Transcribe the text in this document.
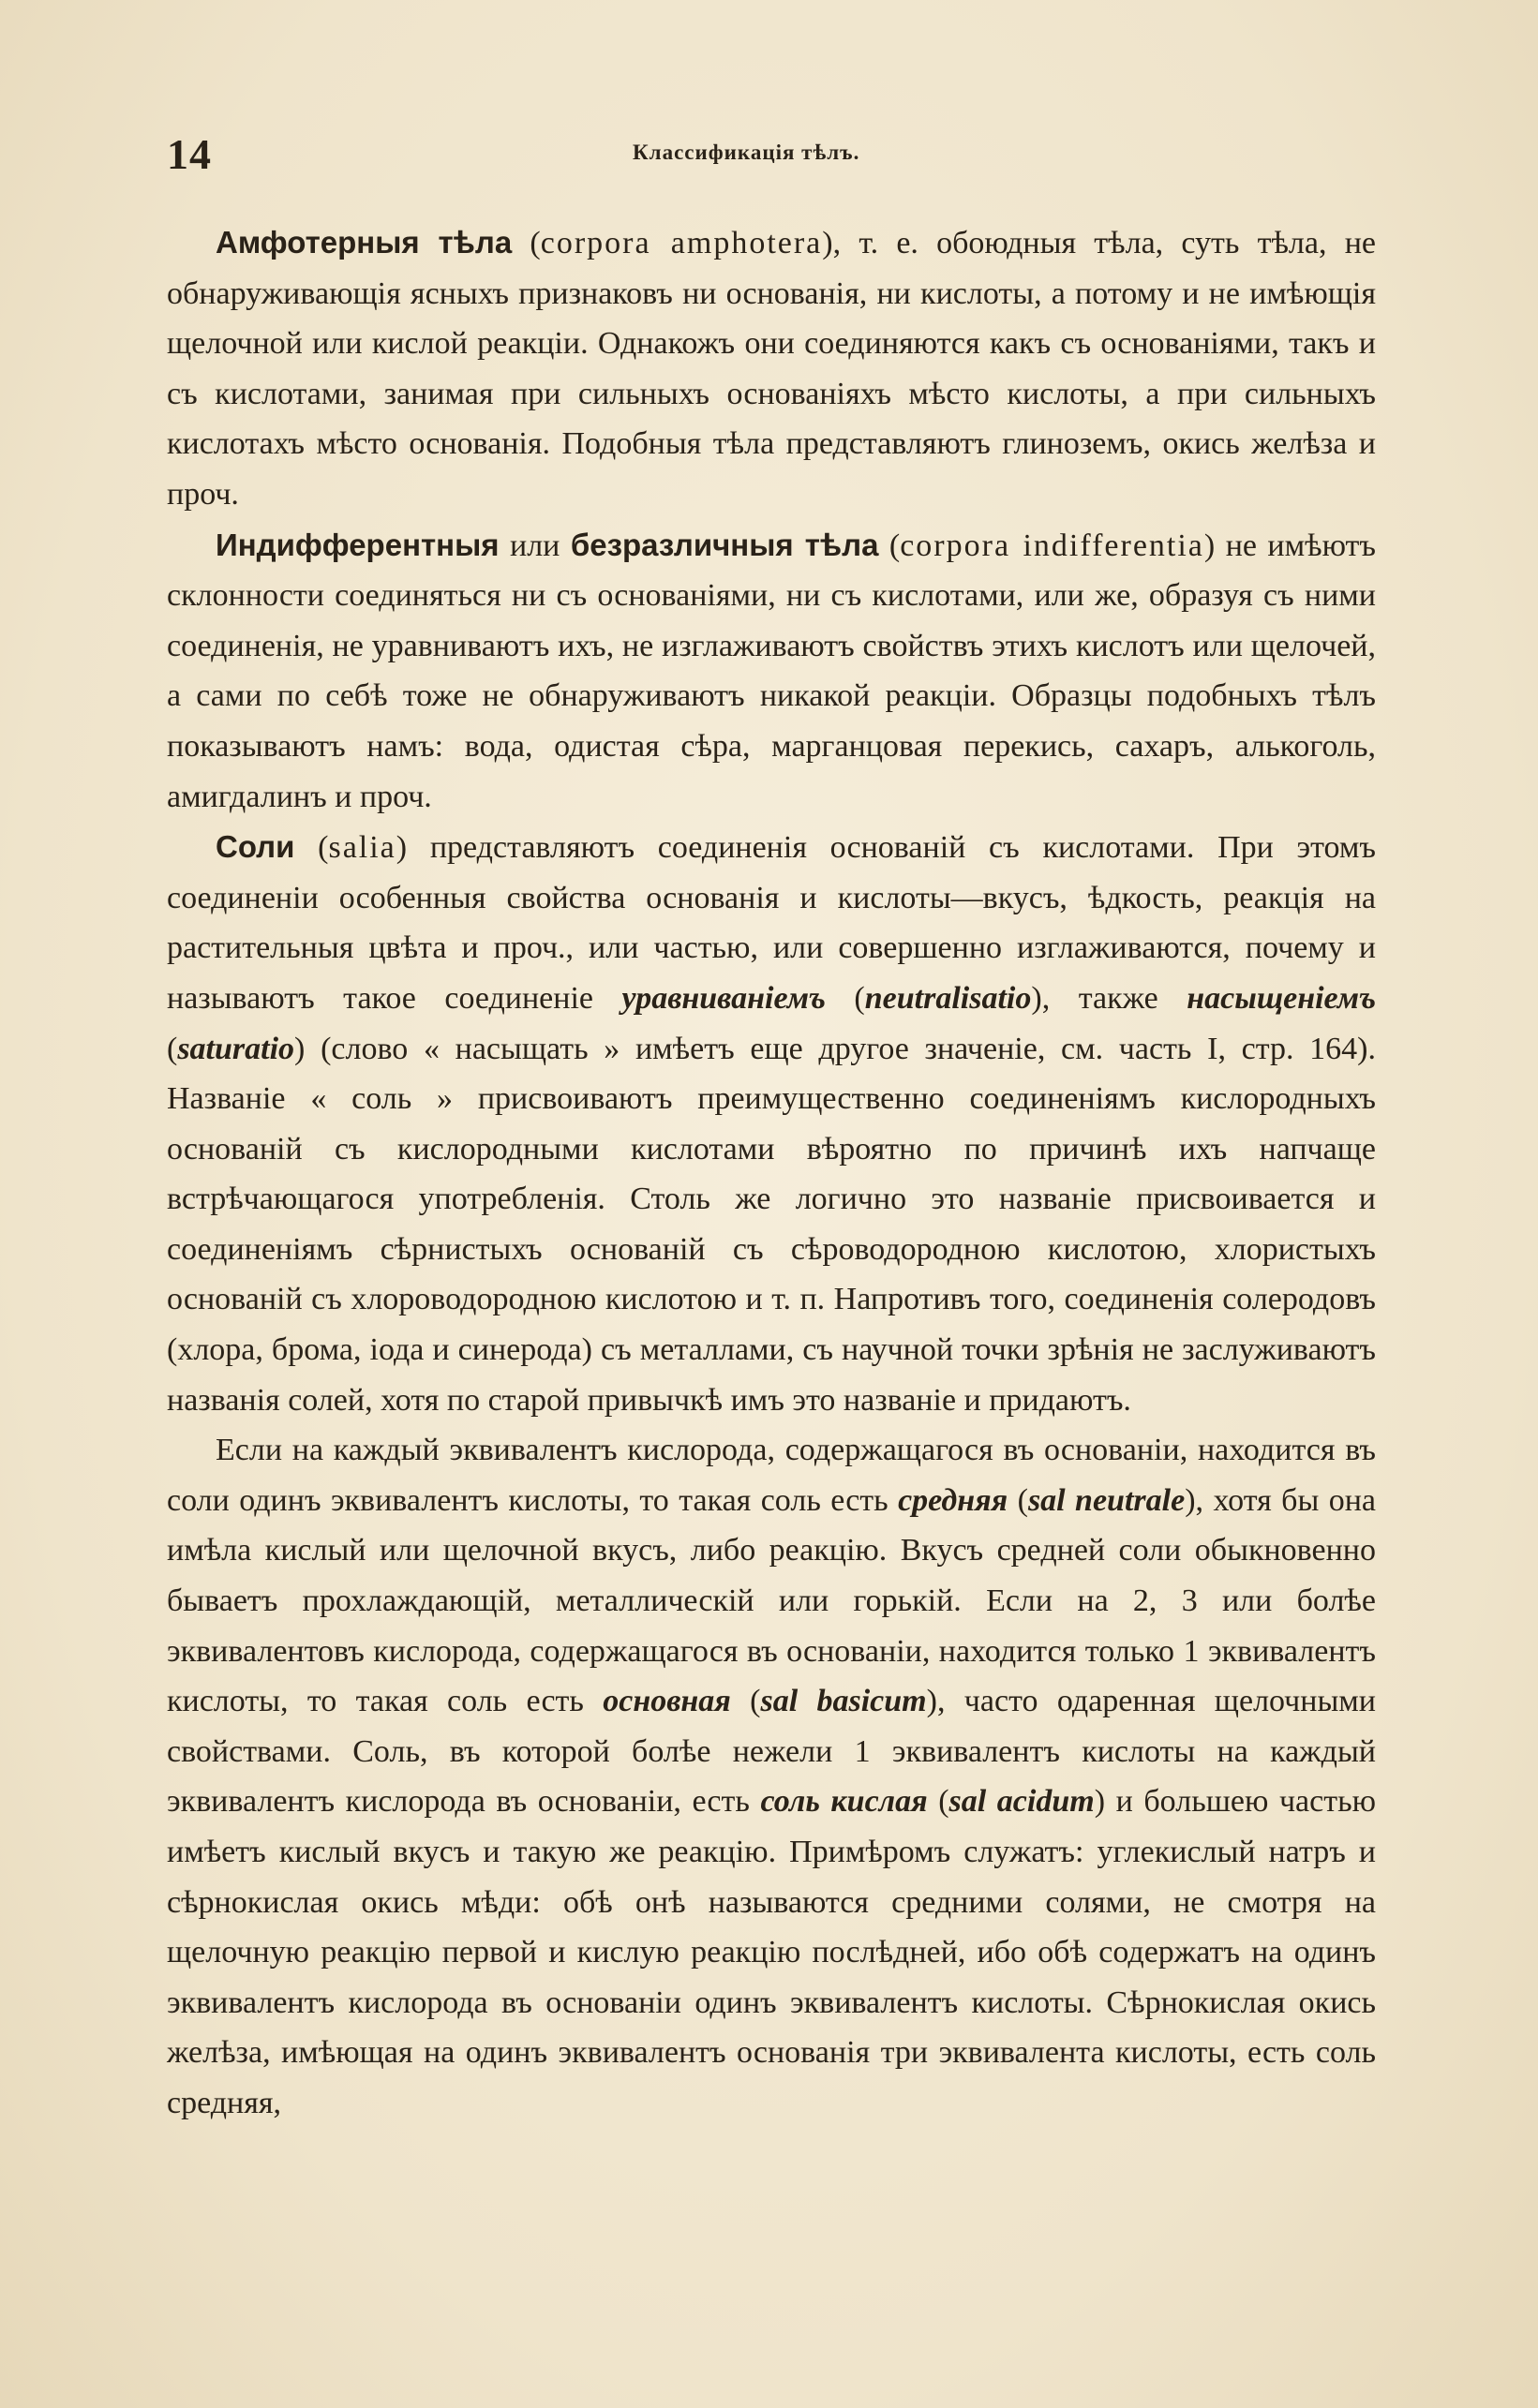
14	Классификація тѣлъ.

Амфотерныя тѣла (corpora amphotera), т. е. обоюдныя тѣла, суть тѣла, не обнаруживающія ясныхъ признаковъ ни основанія, ни кислоты, а потому и не имѣющія щелочной или кислой реакціи. Однакожъ они соединяются какъ съ основаніями, такъ и съ кислотами, занимая при сильныхъ основаніяхъ мѣсто кислоты, а при сильныхъ кислотахъ мѣсто основанія. Подобныя тѣла представляютъ глиноземъ, окись желѣза и проч.

Индифферентныя или безразличныя тѣла (corpora indifferentia) не имѣютъ склонности соединяться ни съ основаніями, ни съ кислотами, или же, образуя съ ними соединенія, не уравниваютъ ихъ, не изглаживаютъ свойствъ этихъ кислотъ или щелочей, а сами по себѣ тоже не обнаруживаютъ никакой реакціи. Образцы подобныхъ тѣлъ показываютъ намъ: вода, одистая сѣра, марганцовая перекись, сахаръ, алькоголь, амигдалинъ и проч.

Соли (salia) представляютъ соединенія основаній съ кислотами. При этомъ соединеніи особенныя свойства основанія и кислоты—вкусъ, ѣдкость, реакція на растительныя цвѣта и проч., или частью, или совершенно изглаживаются, почему и называютъ такое соединеніе уравниваніемъ (neutralisatio), также насыщеніемъ (saturatio) (слово « насыщать » имѣетъ еще другое значеніе, см. часть I, стр. 164). Названіе « соль » присвоиваютъ преимущественно соединеніямъ кислородныхъ основаній съ кислородными кислотами вѣроятно по причинѣ ихъ напчаще встрѣчающагося употребленія. Столь же логично это названіе присвоивается и соединеніямъ сѣрнистыхъ основаній съ сѣроводородною кислотою, хлористыхъ основаній съ хлороводородною кислотою и т. п. Напротивъ того, соединенія солеродовъ (хлора, брома, іода и синерода) съ металлами, съ научной точки зрѣнія не заслуживаютъ названія солей, хотя по старой привычкѣ имъ это названіе и придаютъ.

Если на каждый эквивалентъ кислорода, содержащагося въ основаніи, находится въ соли одинъ эквивалентъ кислоты, то такая соль есть средняя (sal neutrale), хотя бы она имѣла кислый или щелочной вкусъ, либо реакцію. Вкусъ средней соли обыкновенно бываетъ прохлаждающій, металлическій или горькій. Если на 2, 3 или болѣе эквивалентовъ кислорода, содержащагося въ основаніи, находится только 1 эквивалентъ кислоты, то такая соль есть основная (sal basicum), часто одаренная щелочными свойствами. Соль, въ которой болѣе нежели 1 эквивалентъ кислоты на каждый эквивалентъ кислорода въ основаніи, есть соль кислая (sal acidum) и большею частью имѣетъ кислый вкусъ и такую же реакцію. Примѣромъ служатъ: углекислый натръ и сѣрнокислая окись мѣди: обѣ онѣ называются средними солями, не смотря на щелочную реакцію первой и кислую реакцію послѣдней, ибо обѣ содержатъ на одинъ эквивалентъ кислорода въ основаніи одинъ эквивалентъ кислоты. Сѣрнокислая окись желѣза, имѣющая на одинъ эквивалентъ основанія три эквивалента кислоты, есть соль средняя,
